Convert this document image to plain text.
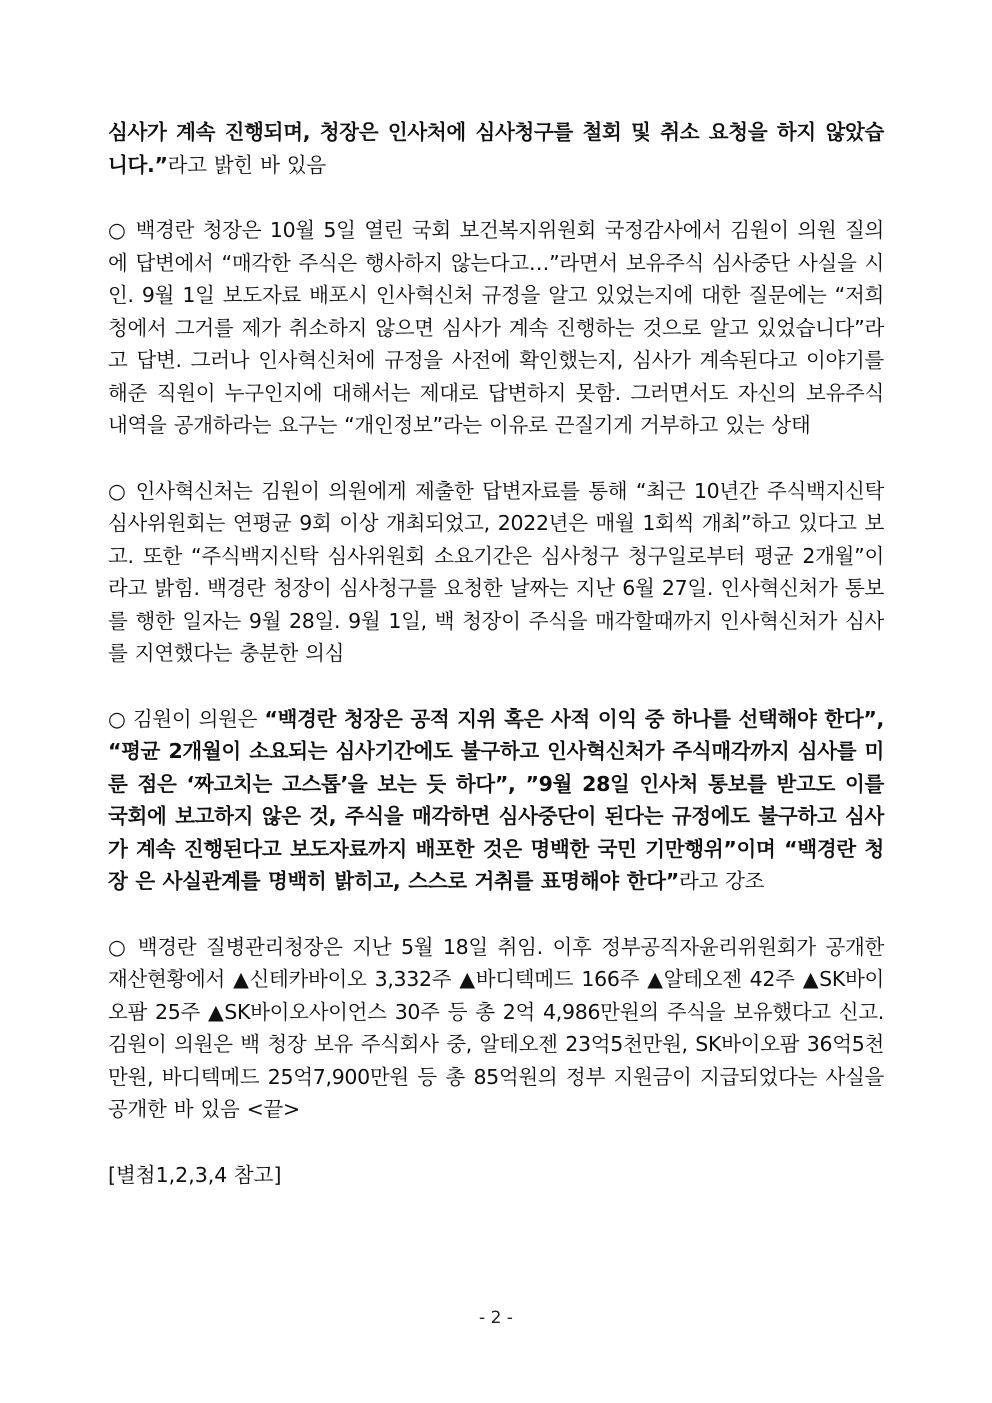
심사가 계속 진행되며, 청장은 인사처에 심사청구를 철회 및 취소 요청을 하지 않았습니다.”라고 밝힌 바 있음

○ 백경란 청장은 10월 5일 열린 국회 보건복지위원회 국정감사에서 김원이 의원 질의에 답변에서 “매각한 주식은 행사하지 않는다고…”라면서 보유주식 심사중단 사실을 시인. 9월 1일 보도자료 배포시 인사혁신처 규정을 알고 있었는지에 대한 질문에는 “저희 청에서 그거를 제가 취소하지 않으면 심사가 계속 진행하는 것으로 알고 있었습니다”라고 답변. 그러나 인사혁신처에 규정을 사전에 확인했는지, 심사가 계속된다고 이야기를 해준 직원이 누구인지에 대해서는 제대로 답변하지 못함. 그러면서도 자신의 보유주식 내역을 공개하라는 요구는 “개인정보”라는 이유로 끈질기게 거부하고 있는 상태

○ 인사혁신처는 김원이 의원에게 제출한 답변자료를 통해 “최근 10년간 주식백지신탁 심사위원회는 연평균 9회 이상 개최되었고, 2022년은 매월 1회씩 개최”하고 있다고 보고. 또한 “주식백지신탁 심사위원회 소요기간은 심사청구 청구일로부터 평균 2개월”이라고 밝힘. 백경란 청장이 심사청구를 요청한 날짜는 지난 6월 27일. 인사혁신처가 통보를 행한 일자는 9월 28일. 9월 1일, 백 청장이 주식을 매각할때까지 인사혁신처가 심사를 지연했다는 충분한 의심

○ 김원이 의원은 “백경란 청장은 공적 지위 혹은 사적 이익 중 하나를 선택해야 한다”, “평균 2개월이 소요되는 심사기간에도 불구하고 인사혁신처가 주식매각까지 심사를 미룬 점은 ‘짜고치는 고스톱’을 보는 듯 하다”, ”9월 28일 인사처 통보를 받고도 이를 국회에 보고하지 않은 것, 주식을 매각하면 심사중단이 된다는 규정에도 불구하고 심사가 계속 진행된다고 보도자료까지 배포한 것은 명백한 국민 기만행위”이며 “백경란 청장 은 사실관계를 명백히 밝히고, 스스로 거취를 표명해야 한다”라고 강조

○ 백경란 질병관리청장은 지난 5월 18일 취임. 이후 정부공직자윤리위원회가 공개한 재산현황에서 ▲신테카바이오 3,332주 ▲바디텍메드 166주 ▲알테오젠 42주 ▲SK바이오팜 25주 ▲SK바이오사이언스 30주 등 총 2억 4,986만원의 주식을 보유했다고 신고. 김원이 의원은 백 청장 보유 주식회사 중, 알테오젠 23억5천만원, SK바이오팜 36억5천만원, 바디텍메드 25억7,900만원 등 총 85억원의 정부 지원금이 지급되었다는 사실을 공개한 바 있음 <끝>

[별첨1,2,3,4 참고]

- 2 -
